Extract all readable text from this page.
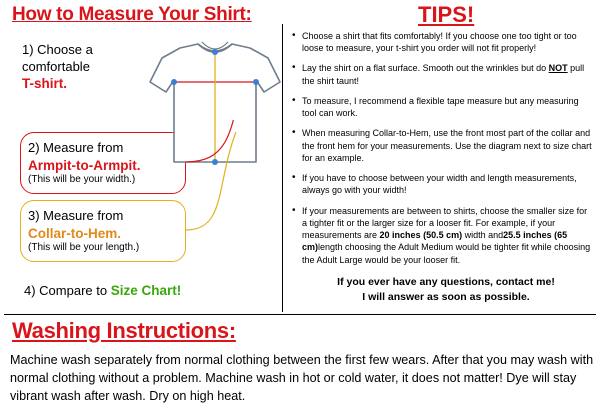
How to Measure Your Shirt:	TIPS!
1) Choose a
comfortable
T-shirt.
2) Measure from
Armpit-to-Armpit.
(This will be your width.)
3) Measure from
Collar-to-Hem.
(This will be your length.)
4) Compare to Size Chart!
• Choose a shirt that fits comfortably! If you choose one too tight or too loose to measure, your t-shirt you order will not fit properly!
• Lay the shirt on a flat surface. Smooth out the wrinkles but do NOT pull the shirt taunt!
• To measure, I recommend a flexible tape measure but any measuring tool can work.
• When measuring Collar-to-Hem, use the front most part of the collar and the front hem for your measurements. Use the diagram next to size chart for an example.
• If you have to choose between your width and length measurements, always go with your width!
• If your measurements are between to shirts, choose the smaller size for a tighter fit or the larger size for a looser fit. For example, if your measurements are 20 inches (50.5 cm) width and25.5 inches (65 cm)length choosing the Adult Medium would be tighter fit while choosing the Adult Large would be your looser fit.
If you ever have any questions, contact me!
I will answer as soon as possible.
Washing Instructions:
Machine wash separately from normal clothing between the first few wears. After that you may wash with normal clothing without a problem. Machine wash in hot or cold water, it does not matter! Dye will stay vibrant wash after wash. Dry on high heat.
